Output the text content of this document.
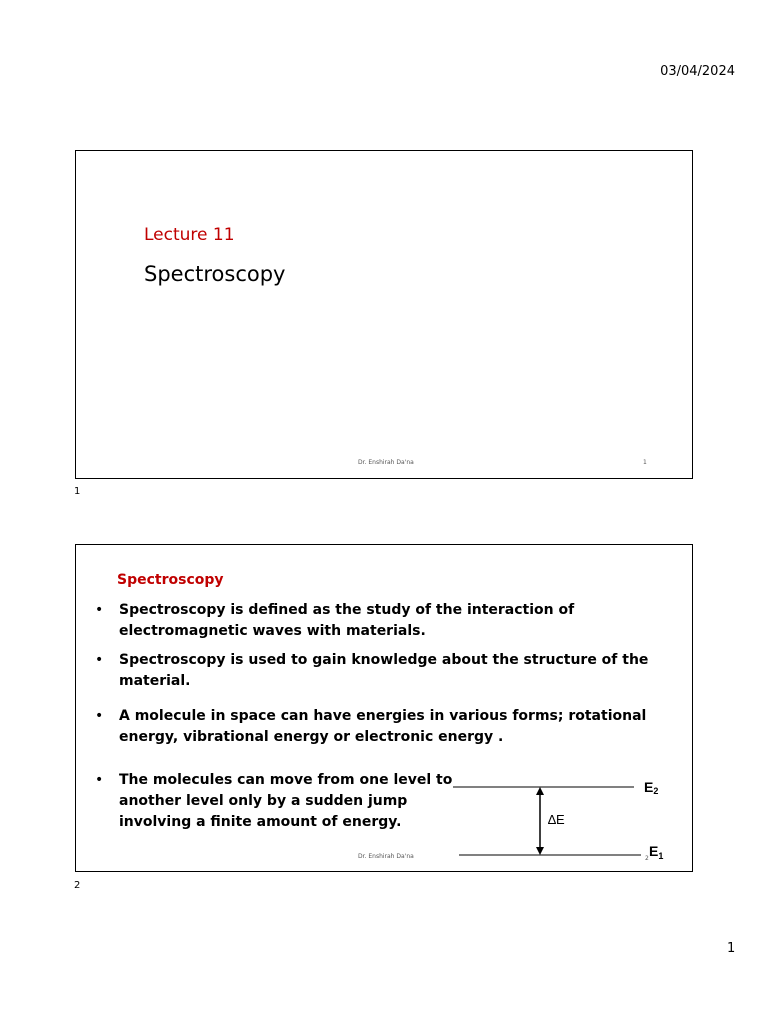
03/04/2024
Lecture 11
Spectroscopy
Dr. Enshirah Da'na	1
1
Spectroscopy
•	Spectroscopy is defined as the study of the interaction of electromagnetic waves with materials.
•	Spectroscopy is used to gain knowledge about the structure of the material.
•	A molecule in space can have energies in various forms; rotational energy, vibrational energy or electronic energy .
•	The molecules can move from one level to another level only by a sudden jump involving a finite amount of energy.	∆E
E2
$E_1$
Dr. Enshirah Da'na	2
2
1
